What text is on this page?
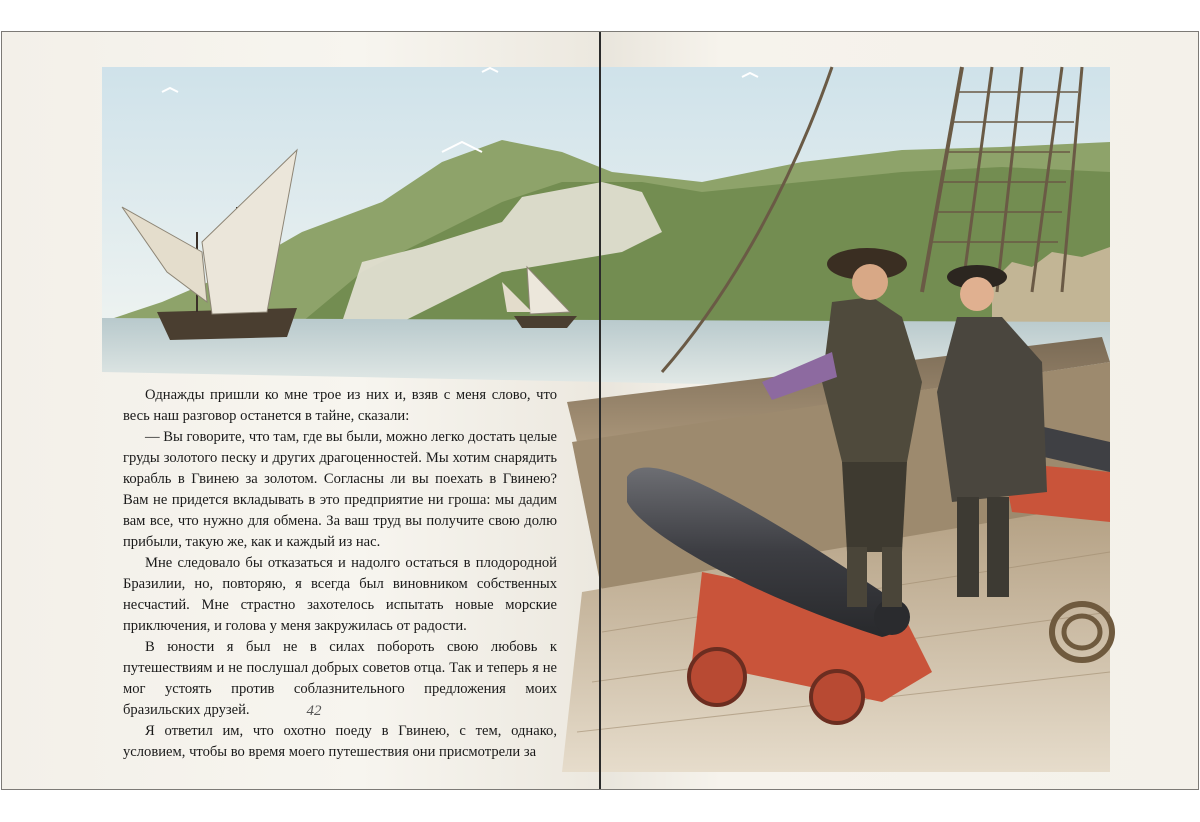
Однажды пришли ко мне трое из них и, взяв с меня слово, что весь наш разговор останется в тайне, сказали:

— Вы говорите, что там, где вы были, можно легко достать целые груды золотого песку и других драгоценностей. Мы хотим снарядить корабль в Гвинею за золотом. Согласны ли вы поехать в Гвинею? Вам не придется вкладывать в это предприятие ни гроша: мы дадим вам все, что нужно для обмена. За ваш труд вы получите свою долю прибыли, такую же, как и каждый из нас.

Мне следовало бы отказаться и надолго остаться в плодородной Бразилии, но, повторяю, я всегда был виновником собственных несчастий. Мне страстно захотелось испытать новые морские приключения, и голова у меня закружилась от радости.

В юности я был не в силах побороть свою любовь к путешествиям и не послушал добрых советов отца. Так и теперь я не мог устоять против соблазнительного предложения моих бразильских друзей.

Я ответил им, что охотно поеду в Гвинею, с тем, однако, условием, чтобы во время моего путешествия они присмотрели за

42
